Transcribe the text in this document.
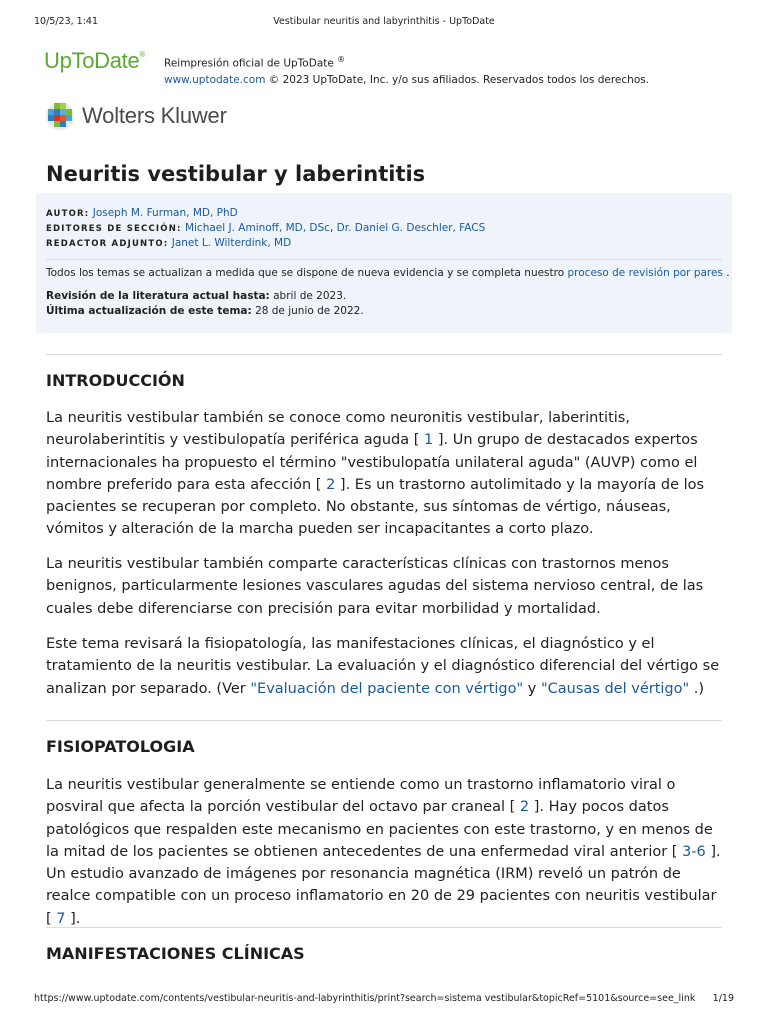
10/5/23, 1:41	Vestibular neuritis and labyrinthitis - UpToDate
UpToDate®
Reimpresión oficial de UpToDate ®
www.uptodate.com © 2023 UpToDate, Inc. y/o sus afiliados. Reservados todos los derechos.
Wolters Kluwer
Neuritis vestibular y laberintitis
AUTOR: Joseph M. Furman, MD, PhD
EDITORES DE SECCIÓN: Michael J. Aminoff, MD, DSc, Dr. Daniel G. Deschler, FACS
REDACTOR ADJUNTO: Janet L. Wilterdink, MD
Todos los temas se actualizan a medida que se dispone de nueva evidencia y se completa nuestro proceso de revisión por pares .
Revisión de la literatura actual hasta: abril de 2023.
Última actualización de este tema: 28 de junio de 2022.
INTRODUCCIÓN

La neuritis vestibular también se conoce como neuronitis vestibular, laberintitis, neurolaberintitis y vestibulopatía periférica aguda [ 1 ]. Un grupo de destacados expertos internacionales ha propuesto el término "vestibulopatía unilateral aguda" (AUVP) como el nombre preferido para esta afección [ 2 ]. Es un trastorno autolimitado y la mayoría de los pacientes se recuperan por completo. No obstante, sus síntomas de vértigo, náuseas, vómitos y alteración de la marcha pueden ser incapacitantes a corto plazo.

La neuritis vestibular también comparte características clínicas con trastornos menos benignos, particularmente lesiones vasculares agudas del sistema nervioso central, de las cuales debe diferenciarse con precisión para evitar morbilidad y mortalidad.

Este tema revisará la fisiopatología, las manifestaciones clínicas, el diagnóstico y el tratamiento de la neuritis vestibular. La evaluación y el diagnóstico diferencial del vértigo se analizan por separado. (Ver "Evaluación del paciente con vértigo" y "Causas del vértigo" .)

FISIOPATOLOGIA

La neuritis vestibular generalmente se entiende como un trastorno inflamatorio viral o posviral que afecta la porción vestibular del octavo par craneal [ 2 ]. Hay pocos datos patológicos que respalden este mecanismo en pacientes con este trastorno, y en menos de la mitad de los pacientes se obtienen antecedentes de una enfermedad viral anterior [ 3-6 ]. Un estudio avanzado de imágenes por resonancia magnética (IRM) reveló un patrón de realce compatible con un proceso inflamatorio en 20 de 29 pacientes con neuritis vestibular [ 7 ].

MANIFESTACIONES CLÍNICAS
https://www.uptodate.com/contents/vestibular-neuritis-and-labyrinthitis/print?search=sistema vestibular&topicRef=5101&source=see_link 1/19
